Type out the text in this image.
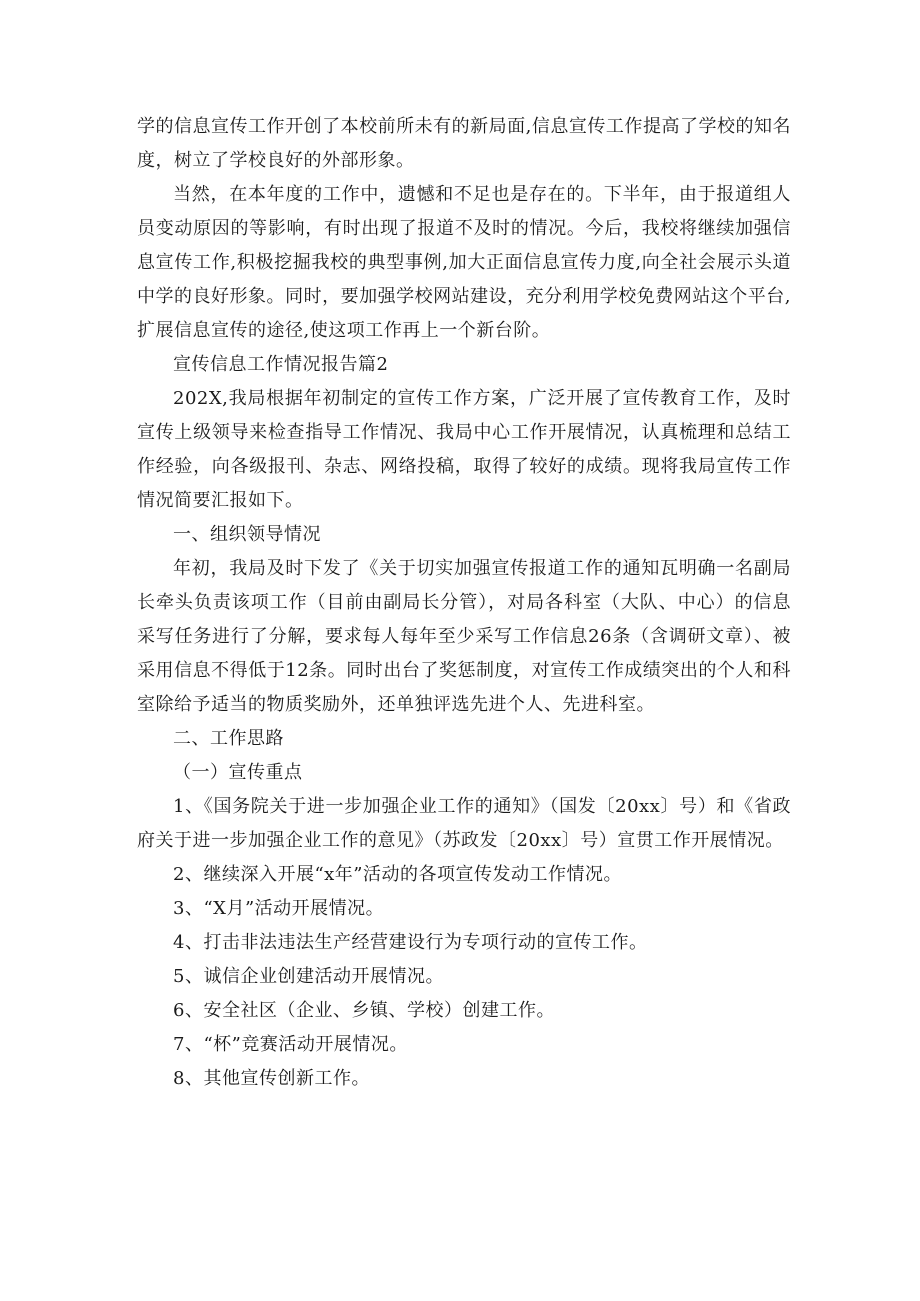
学的信息宣传工作开创了本校前所未有的新局面,信息宣传工作提高了学校的知名度，树立了学校良好的外部形象。

当然，在本年度的工作中，遗憾和不足也是存在的。下半年，由于报道组人员变动原因的等影响，有时出现了报道不及时的情况。今后，我校将继续加强信息宣传工作,积极挖掘我校的典型事例,加大正面信息宣传力度,向全社会展示头道中学的良好形象。同时，要加强学校网站建设，充分利用学校免费网站这个平台,扩展信息宣传的途径,使这项工作再上一个新台阶。

宣传信息工作情况报告篇2

202X,我局根据年初制定的宣传工作方案，广泛开展了宣传教育工作，及时宣传上级领导来检查指导工作情况、我局中心工作开展情况，认真梳理和总结工作经验，向各级报刊、杂志、网络投稿，取得了较好的成绩。现将我局宣传工作情况简要汇报如下。

一、组织领导情况

年初，我局及时下发了《关于切实加强宣传报道工作的通知瓦明确一名副局长牵头负责该项工作（目前由副局长分管），对局各科室（大队、中心）的信息采写任务进行了分解，要求每人每年至少采写工作信息26条（含调研文章）、被采用信息不得低于12条。同时出台了奖惩制度，对宣传工作成绩突出的个人和科室除给予适当的物质奖励外，还单独评选先进个人、先进科室。

二、工作思路

（一）宣传重点

1、《国务院关于进一步加强企业工作的通知》（国发〔20xx〕号）和《省政府关于进一步加强企业工作的意见》（苏政发〔20xx〕号）宣贯工作开展情况。

2、继续深入开展“x年”活动的各项宣传发动工作情况。

3、“X月”活动开展情况。

4、打击非法违法生产经营建设行为专项行动的宣传工作。

5、诚信企业创建活动开展情况。

6、安全社区（企业、乡镇、学校）创建工作。

7、“杯”竞赛活动开展情况。

8、其他宣传创新工作。
